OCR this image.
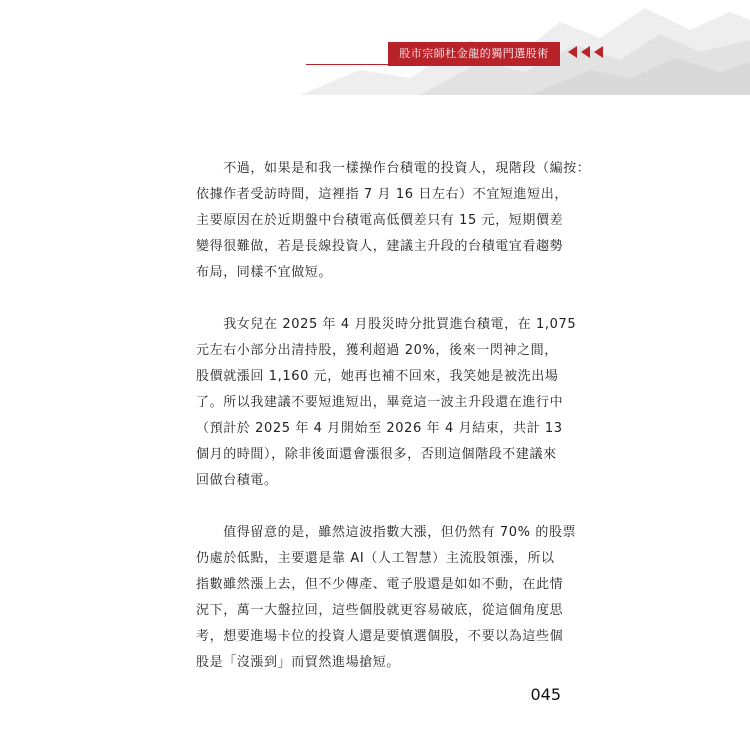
股市宗師杜金龍的獨門選股術
　　不過，如果是和我一樣操作台積電的投資人，現階段（編按：
依據作者受訪時間，這裡指 7 月 16 日左右）不宜短進短出，
主要原因在於近期盤中台積電高低價差只有 15 元，短期價差
變得很難做，若是長線投資人，建議主升段的台積電宜看趨勢
布局，同樣不宜做短。
　　我女兒在 2025 年 4 月股災時分批買進台積電，在 1,075
元左右小部分出清持股，獲利超過 20%，後來一閃神之間，
股價就漲回 1,160 元，她再也補不回來，我笑她是被洗出場
了。所以我建議不要短進短出，畢竟這一波主升段還在進行中
（預計於 2025 年 4 月開始至 2026 年 4 月結束，共計 13
個月的時間），除非後面還會漲很多，否則這個階段不建議來
回做台積電。
　　值得留意的是，雖然這波指數大漲，但仍然有 70% 的股票
仍處於低點，主要還是靠 AI（人工智慧）主流股領漲，所以
指數雖然漲上去，但不少傳產、電子股還是如如不動，在此情
況下，萬一大盤拉回，這些個股就更容易破底，從這個角度思
考，想要進場卡位的投資人還是要慎選個股，不要以為這些個
股是「沒漲到」而貿然進場搶短。
045
